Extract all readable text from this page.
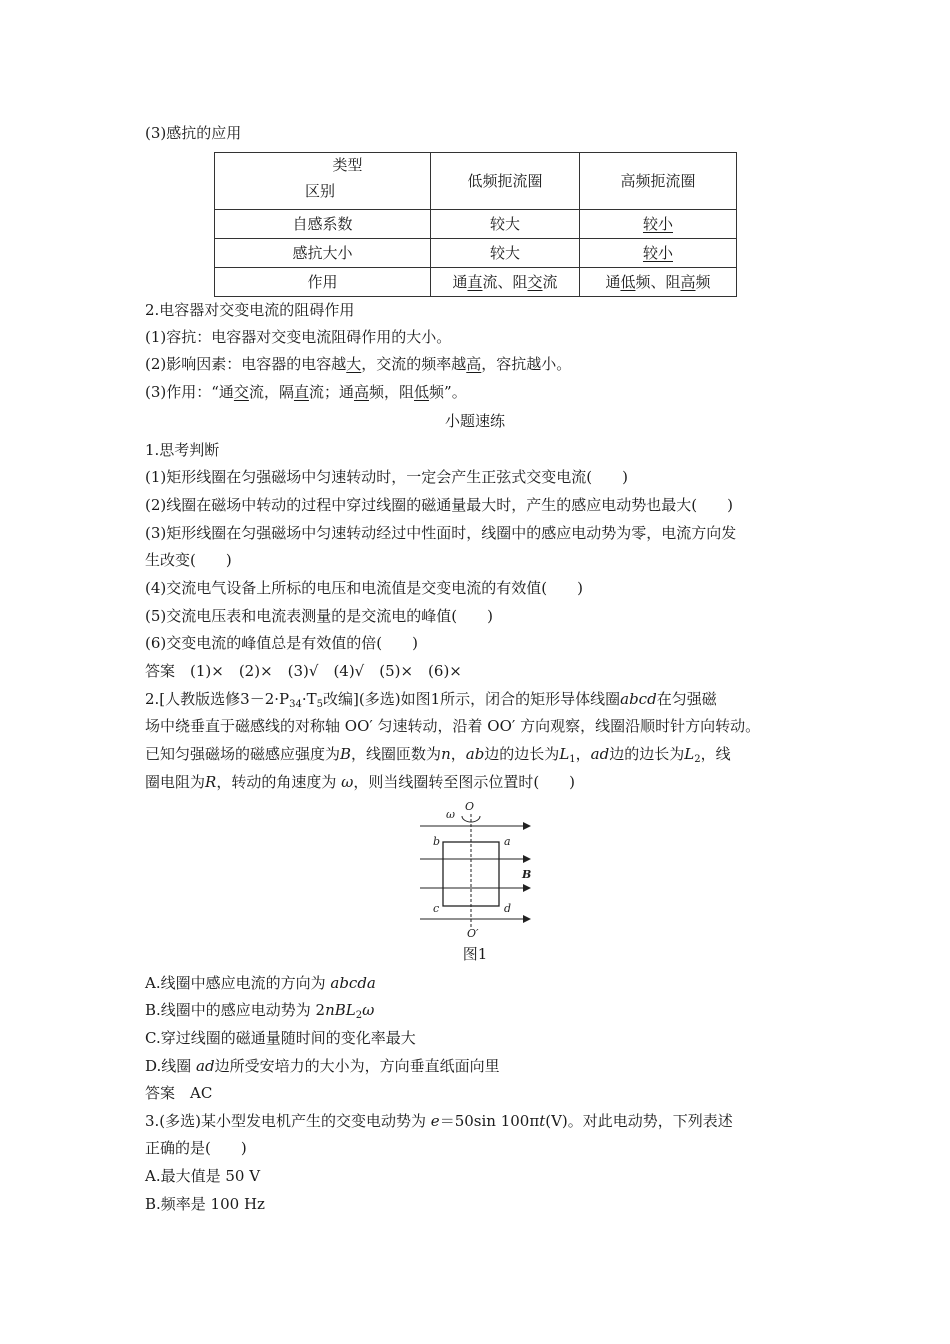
(3)感抗的应用
类型
区别	低频扼流圈	高频扼流圈
自感系数	较大	较小
感抗大小	较大	较小
作用	通直流、阻交流	通低频、阻高频
2.电容器对交变电流的阻碍作用
(1)容抗：电容器对交变电流阻碍作用的大小。
(2)影响因素：电容器的电容越大，交流的频率越高，容抗越小。
(3)作用：“通交流，隔直流；通高频，阻低频”。
小题速练
1.思考判断
(1)矩形线圈在匀强磁场中匀速转动时，一定会产生正弦式交变电流(　　)
(2)线圈在磁场中转动的过程中穿过线圈的磁通量最大时，产生的感应电动势也最大(　　)
(3)矩形线圈在匀强磁场中匀速转动经过中性面时，线圈中的感应电动势为零，电流方向发
生改变(　　)
(4)交流电气设备上所标的电压和电流值是交变电流的有效值(　　)
(5)交流电压表和电流表测量的是交流电的峰值(　　)
(6)交变电流的峰值总是有效值的倍(　　)
答案　(1)×　(2)×　(3)√　(4)√　(5)×　(6)×
2.[人教版选修$3-2\cdot P_{34}\cdot T_5$改编](多选)如图1所示，闭合的矩形导体线圈abcd在匀强磁
场中绕垂直于磁感线的对称轴 OO′ 匀速转动，沿着 OO′ 方向观察，线圈沿顺时针方向转动。
已知匀强磁场的磁感应强度为B，线圈匝数为n，ab边的边长为$L_1$，ad边的边长为$L_2$，线
圈电阻为R，转动的角速度为 ω，则当线圈转至图示位置时(　　)
ω
O
O′
b	a
c	d
B
图1
A.线圈中感应电流的方向为 abcda
B.线圈中的感应电动势为 2nBL$_2$ω
C.穿过线圈的磁通量随时间的变化率最大
D.线圈 ad边所受安培力的大小为，方向垂直纸面向里
答案　AC
3.(多选)某小型发电机产生的交变电动势为 e＝50sin 100πt(V)。对此电动势，下列表述
正确的是(　　)
A.最大值是 50 V
B.频率是 100 Hz
